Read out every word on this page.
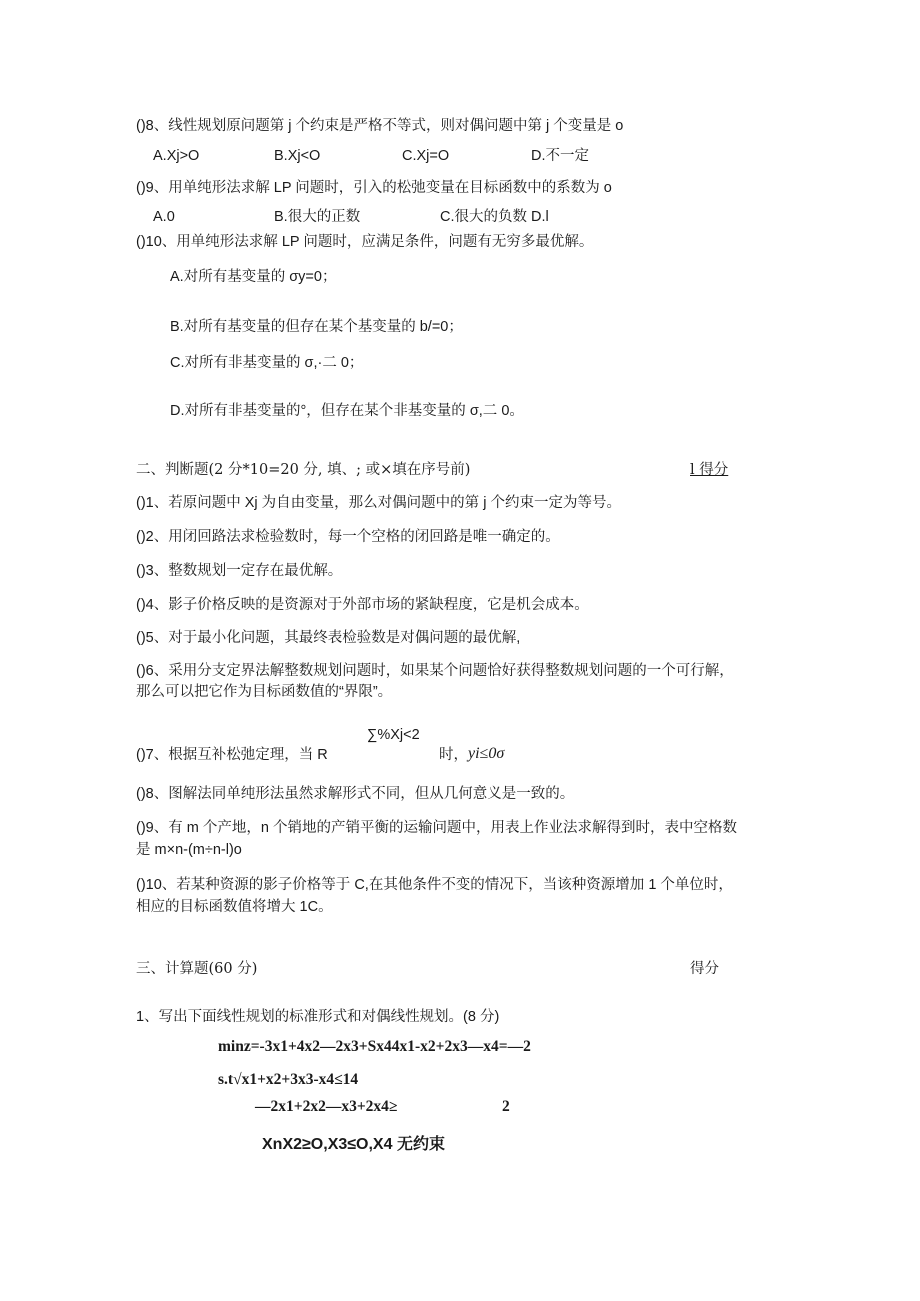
()8、线性规划原问题第 j 个约束是严格不等式，则对偶问题中第 j 个变量是 o
A.Xj>O	B.Xj<O	C.Xj=O	D.不一定
()9、用单纯形法求解 LP 问题时，引入的松弛变量在目标函数中的系数为 o
A.0	B.很大的正数	C.很大的负数 D.l
()10、用单纯形法求解 LP 问题时，应满足条件，问题有无穷多最优解。
A.对所有基变量的 σy=0；
B.对所有基变量的但存在某个基变量的 b/=0；
C.对所有非基变量的 σ,·二 0；
D.对所有非基变量的°，但存在某个非基变量的 σ,二 0。
二、判断题(2 分*10=20 分, 填、; 或×填在序号前)	l 得分
()1、若原问题中 Xj 为自由变量，那么对偶问题中的第 j 个约束一定为等号。
()2、用闭回路法求检验数时，每一个空格的闭回路是唯一确定的。
()3、整数规划一定存在最优解。
()4、影子价格反映的是资源对于外部市场的紧缺程度，它是机会成本。
()5、对于最小化问题，其最终表检验数是对偶问题的最优解,
()6、采用分支定界法解整数规划问题时，如果某个问题恰好获得整数规划问题的一个可行解，
那么可以把它作为目标函数值的“界限”。
∑%Xj<2
()7、根据互补松弛定理，当 R	时， yi≤0σ
()8、图解法同单纯形法虽然求解形式不同，但从几何意义是一致的。
()9、有 m 个产地，n 个销地的产销平衡的运输问题中，用表上作业法求解得到时，表中空格数
是 m×n-(m÷n-l)o
()10、若某种资源的影子价格等于 C,在其他条件不变的情况下，当该种资源增加 1 个单位时，
相应的目标函数值将增大 1C。
三、计算题(60 分)	得分
1、写出下面线性规划的标准形式和对偶线性规划。(8 分)
minz=-3x1+4x2—2x3+Sx44x1-x2+2x3—x4=—2
s.t√x1+x2+3x3-x4≤14
—2x1+2x2—x3+2x4≥	2
XnX2≥O,X3≤O,X4 无约束
